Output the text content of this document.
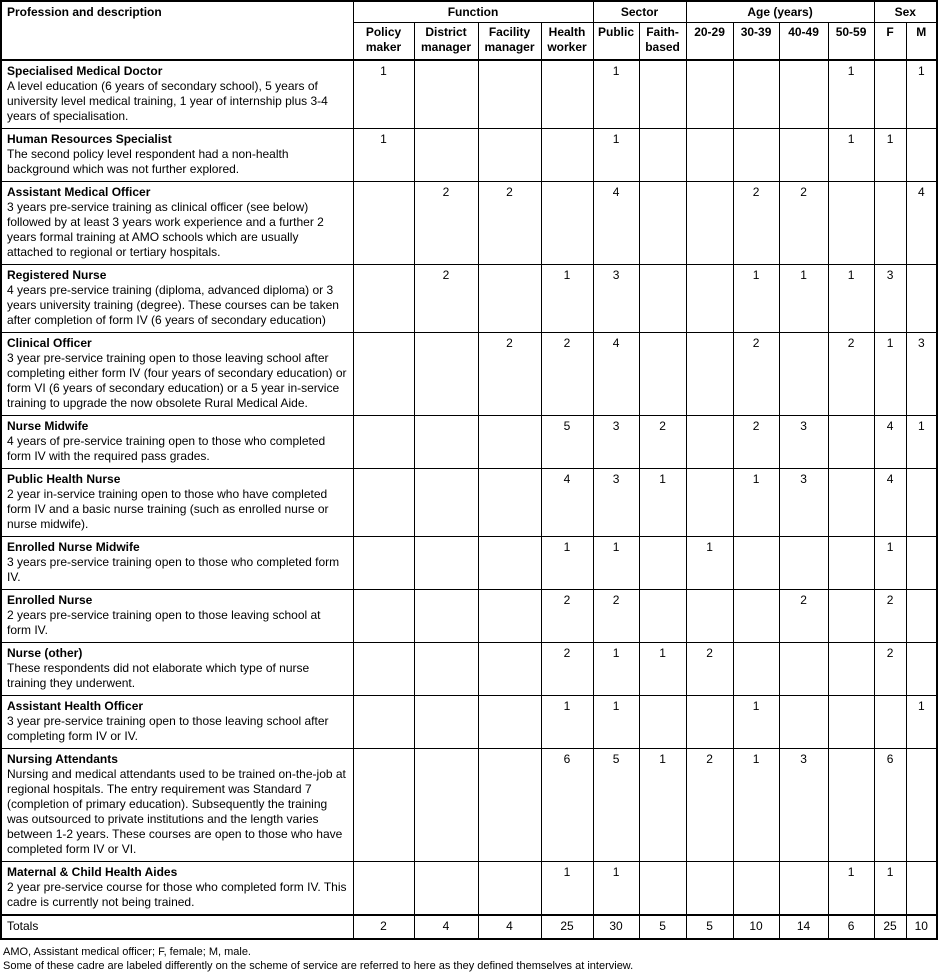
Profession and description	Function				Sector		Age (years)				Sex	
	Policy maker	District manager	Facility manager	Health worker	Public	Faith-based	20-29	30-39	40-49	50-59	F	M

Specialised Medical Doctor
A level education (6 years of secondary school), 5 years of university level medical training, 1 year of internship plus 3-4 years of specialisation.	1				1					1		1

Human Resources Specialist
The second policy level respondent had a non-health background which was not further explored.	1				1					1	1	

Assistant Medical Officer
3 years pre-service training as clinical officer (see below) followed by at least 3 years work experience and a further 2 years formal training at AMO schools which are usually attached to regional or tertiary hospitals.		2	2		4			2	2			4

Registered Nurse
4 years pre-service training (diploma, advanced diploma) or 3 years university training (degree). These courses can be taken after completion of form IV (6 years of secondary education)		2		1	3			1	1	1	3	

Clinical Officer
3 year pre-service training open to those leaving school after completing either form IV (four years of secondary education) or form VI (6 years of secondary education) or a 5 year in-service training to upgrade the now obsolete Rural Medical Aide.			2	2	4			2		2	1	3

Nurse Midwife
4 years of pre-service training open to those who completed form IV with the required pass grades.				5	3	2		2	3		4	1

Public Health Nurse
2 year in-service training open to those who have completed form IV and a basic nurse training (such as enrolled nurse or nurse midwife).				4	3	1		1	3		4	

Enrolled Nurse Midwife
3 years pre-service training open to those who completed form IV.				1	1		1				1	

Enrolled Nurse
2 years pre-service training open to those leaving school at form IV.				2	2				2		2	

Nurse (other)
These respondents did not elaborate which type of nurse training they underwent.				2	1	1	2				2	

Assistant Health Officer
3 year pre-service training open to those leaving school after completing form IV or IV.				1	1			1				1

Nursing Attendants
Nursing and medical attendants used to be trained on-the-job at regional hospitals. The entry requirement was Standard 7 (completion of primary education). Subsequently the training was outsourced to private institutions and the length varies between 1-2 years. These courses are open to those who have completed form IV or VI.				6	5	1	2	1	3		6	

Maternal & Child Health Aides
2 year pre-service course for those who completed form IV. This cadre is currently not being trained.				1	1					1	1	
Totals	2	4	4	25	30	5	5	10	14	6	25	10
AMO, Assistant medical officer; F, female; M, male.
Some of these cadre are labeled differently on the scheme of service are referred to here as they defined themselves at interview.
